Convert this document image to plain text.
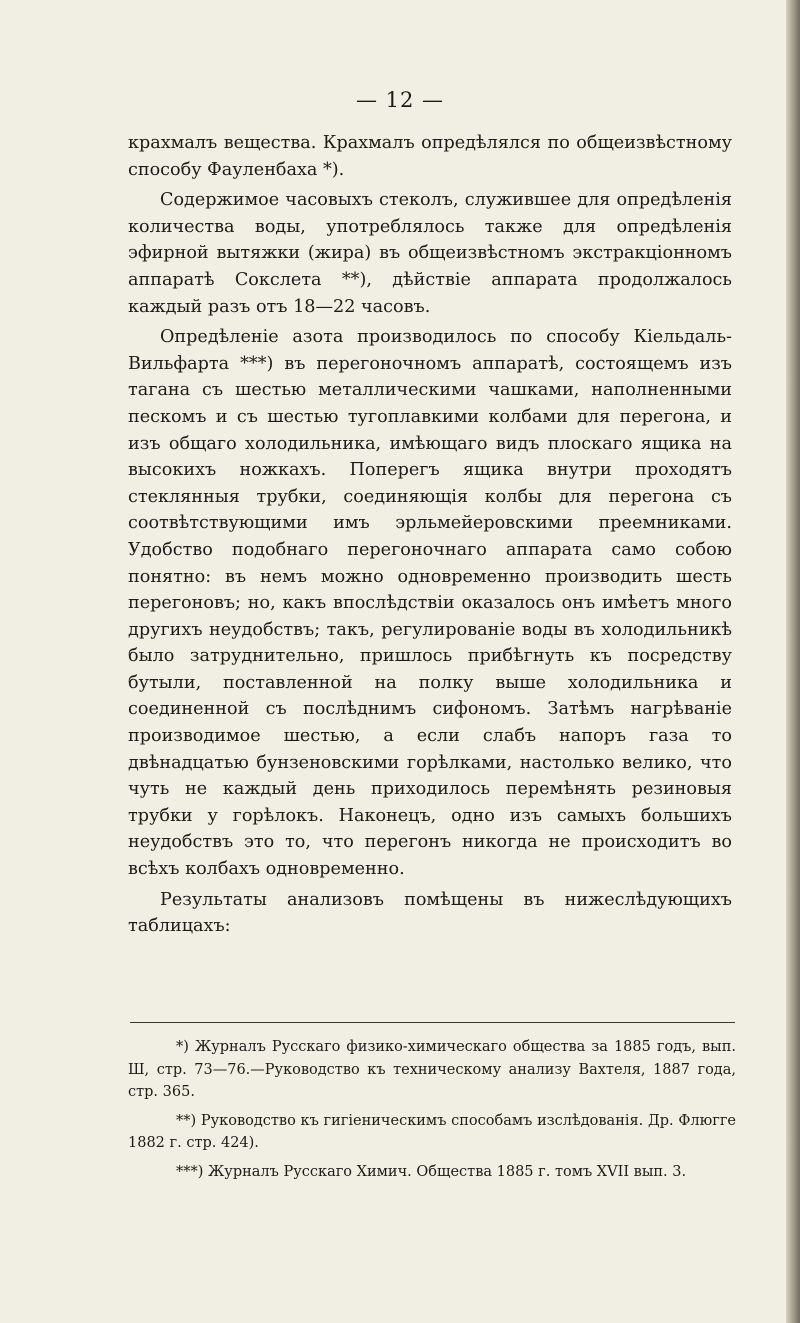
— 12 —

крахмалъ вещества. Крахмалъ опредѣлялся по общеизвѣстному способу Фауленбаха *).

Содержимое часовыхъ стеколъ, служившее для опредѣленія количества воды, употреблялось также для опредѣленія эфирной вытяжки (жира) въ общеизвѣстномъ экстракціонномъ аппаратѣ Сокслета **), дѣйствіе аппарата продолжалось каждый разъ отъ 18—22 часовъ.

Опредѣленіе азота производилось по способу Кіельдаль-Вильфарта ***) въ перегоночномъ аппаратѣ, состоящемъ изъ тагана съ шестью металлическими чашками, наполненными пескомъ и съ шестью тугоплавкими колбами для перегона, и изъ общаго холодильника, имѣющаго видъ плоскаго ящика на высокихъ ножкахъ. Поперегъ ящика внутри проходятъ стеклянныя трубки, соединяющія колбы для перегона съ соотвѣтствующими имъ эрльмейеровскими преемниками. Удобство подобнаго перегоночнаго аппарата само собою понятно: въ немъ можно одновременно производить шесть перегоновъ; но, какъ впослѣдствіи оказалось онъ имѣетъ много другихъ неудобствъ; такъ, регулированіе воды въ холодильникѣ было затруднительно, пришлось прибѣгнуть къ посредству бутыли, поставленной на полку выше холодильника и соединенной съ послѣднимъ сифономъ. Затѣмъ нагрѣваніе производимое шестью, а если слабъ напоръ газа то двѣнадцатью бунзеновскими горѣлками, настолько велико, что чуть не каждый день приходилось перемѣнять резиновыя трубки у горѣлокъ. Наконецъ, одно изъ самыхъ большихъ неудобствъ это то, что перегонъ никогда не происходитъ во всѣхъ колбахъ одновременно.

Результаты анализовъ помѣщены въ нижеслѣдующихъ таблицахъ:

*) Журналъ Русскаго физико-химическаго общества за 1885 годъ, вып. Ш, стр. 73—76.—Руководство къ техническому анализу Вахтеля, 1887 года, стр. 365.

**) Руководство къ гигіеническимъ способамъ изслѣдованія. Др. Флюгге 1882 г. стр. 424).

***) Журналъ Русскаго Химич. Общества 1885 г. томъ XVII вып. 3.
